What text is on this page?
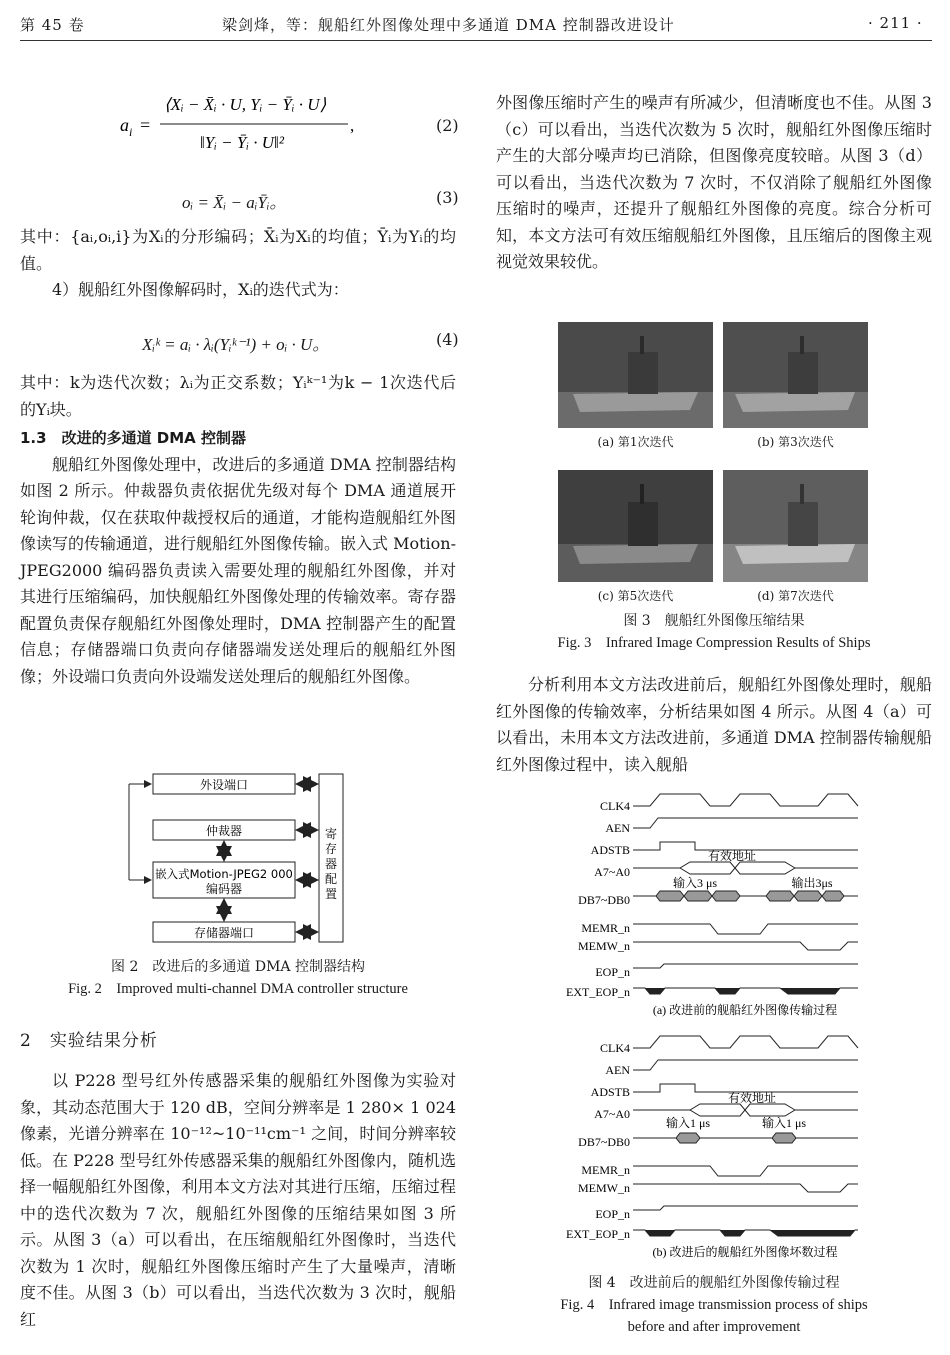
第 45 卷	梁剑烽，等：舰船红外图像处理中多通道 DMA 控制器改进设计	· 211 ·
a i =
⟨Xᵢ − X̄ᵢ · U, Yᵢ − Ȳᵢ · U⟩
‖Yᵢ − Ȳᵢ · U‖²
,	(2)
oᵢ = X̄ᵢ − aᵢȲᵢ。	(3)

其中：{aᵢ,oᵢ,i}为Xᵢ的分形编码；X̄ᵢ为Xᵢ的均值；Ȳᵢ为Yᵢ的均值。

4）舰船红外图像解码时，Xᵢ的迭代式为：

Xᵢᵏ = aᵢ · λᵢ(Yᵢᵏ⁻¹) + oᵢ · U。	(4)

其中：k为迭代次数；λᵢ为正交系数；Yᵢᵏ⁻¹为k − 1次迭代后的Yᵢ块。

1.3　改进的多通道 DMA 控制器

舰船红外图像处理中，改进后的多通道 DMA 控制器结构如图 2 所示。仲裁器负责依据优先级对每个 DMA 通道展开轮询仲裁，仅在获取仲裁授权后的通道，才能构造舰船红外图像读写的传输通道，进行舰船红外图像传输。嵌入式 Motion-JPEG2000 编码器负责读入需要处理的舰船红外图像，并对其进行压缩编码，加快舰船红外图像处理的传输效率。寄存器配置负责保存舰船红外图像处理时，DMA 控制器产生的配置信息；存储器端口负责向存储器端发送处理后的舰船红外图像；外设端口负责向外设端发送处理后的舰船红外图像。

外设端口
仲裁器
嵌入式Motion-JPEG2 000
编码器
存储器端口
寄存器配置
图 2　改进后的多通道 DMA 控制器结构
Fig. 2　Improved multi-channel DMA controller structure
2　实验结果分析

以 P228 型号红外传感器采集的舰船红外图像为实验对象，其动态范围大于 120 dB，空间分辨率是 1 280× 1 024 像素，光谱分辨率在 10⁻¹²~10⁻¹¹cm⁻¹ 之间，时间分辨率较低。在 P228 型号红外传感器采集的舰船红外图像内，随机选择一幅舰船红外图像，利用本文方法对其进行压缩，压缩过程中的迭代次数为 7 次，舰船红外图像的压缩结果如图 3 所示。从图 3（a）可以看出，在压缩舰船红外图像时，当迭代次数为 1 次时，舰船红外图像压缩时产生了大量噪声，清晰度不佳。从图 3（b）可以看出，当迭代次数为 3 次时，舰船红

外图像压缩时产生的噪声有所减少，但清晰度也不佳。从图 3（c）可以看出，当迭代次数为 5 次时，舰船红外图像压缩时产生的大部分噪声均已消除，但图像亮度较暗。从图 3（d）可以看出，当迭代次数为 7 次时，不仅消除了舰船红外图像压缩时的噪声，还提升了舰船红外图像的亮度。综合分析可知，本文方法可有效压缩舰船红外图像，且压缩后的图像主观视觉效果较优。

(a) 第1次迭代	(b) 第3次迭代
(c) 第5次迭代	(d) 第7次迭代
图 3　舰船红外图像压缩结果
Fig. 3　Infrared Image Compression Results of Ships

分析利用本文方法改进前后，舰船红外图像处理时，舰船红外图像的传输效率，分析结果如图 4 所示。从图 4（a）可以看出，未用本文方法改进前，多通道 DMA 控制器传输舰船红外图像过程中，读入舰船

CLK4
AEN
ADSTB
A7~A0
DB7~DB0
MEMR_n
MEMW_n
EOP_n
EXT_EOP_n
有效地址
输入3 μs	输出3μs
(a) 改进前的舰船红外图像传输过程
CLK4
AEN
ADSTB
A7~A0
DB7~DB0
MEMR_n
MEMW_n
EOP_n
EXT_EOP_n
有效地址
输入1 μs	输入1 μs
(b) 改进后的舰船红外图像坏数过程
图 4　改进前后的舰船红外图像传输过程
Fig. 4　Infrared image transmission process of ships
before and after improvement
